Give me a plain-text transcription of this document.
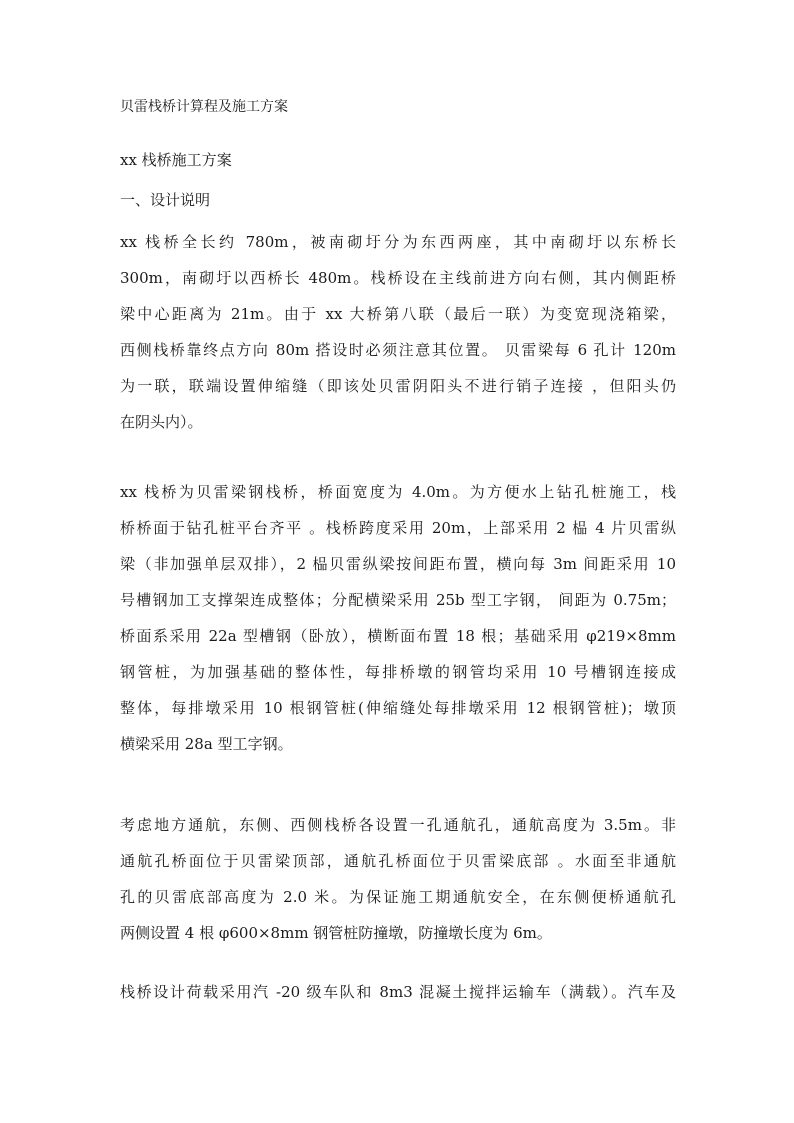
贝雷栈桥计算程及施工方案
xx 栈桥施工方案
一、设计说明
xx 栈桥全长约 780m，被南砌圩分为东西两座，其中南砌圩以东桥长
300m，南砌圩以西桥长 480m。栈桥设在主线前进方向右侧，其内侧距桥
梁中心距离为 21m。由于 xx 大桥第八联（最后一联）为变宽现浇箱梁，
西侧栈桥靠终点方向 80m 搭设时必须注意其位置。 贝雷梁每 6 孔计 120m
为一联，联端设置伸缩缝（即该处贝雷阴阳头不进行销子连接 ，但阳头仍
在阴头内）。
xx 栈桥为贝雷梁钢栈桥，桥面宽度为 4.0m。为方便水上钻孔桩施工，栈
桥桥面于钻孔桩平台齐平 。栈桥跨度采用 20m，上部采用 2 榀 4 片贝雷纵
梁（非加强单层双排），2 榀贝雷纵梁按间距布置，横向每 3m 间距采用 10
号槽钢加工支撑架连成整体；分配横梁采用 25b 型工字钢， 间距为 0.75m；
桥面系采用 22a 型槽钢（卧放），横断面布置 18 根；基础采用 φ219×8mm
钢管桩，为加强基础的整体性，每排桥墩的钢管均采用 10 号槽钢连接成
整体，每排墩采用 10 根钢管桩(伸缩缝处每排墩采用 12 根钢管桩)；墩顶
横梁采用 28a 型工字钢。
考虑地方通航，东侧、西侧栈桥各设置一孔通航孔，通航高度为 3.5m。非
通航孔桥面位于贝雷梁顶部，通航孔桥面位于贝雷梁底部 。水面至非通航
孔的贝雷底部高度为 2.0 米。为保证施工期通航安全，在东侧便桥通航孔
两侧设置 4 根 φ600×8mm 钢管桩防撞墩，防撞墩长度为 6m。
栈桥设计荷载采用汽 -20 级车队和 8m3 混凝土搅拌运输车（满载）。汽车及
